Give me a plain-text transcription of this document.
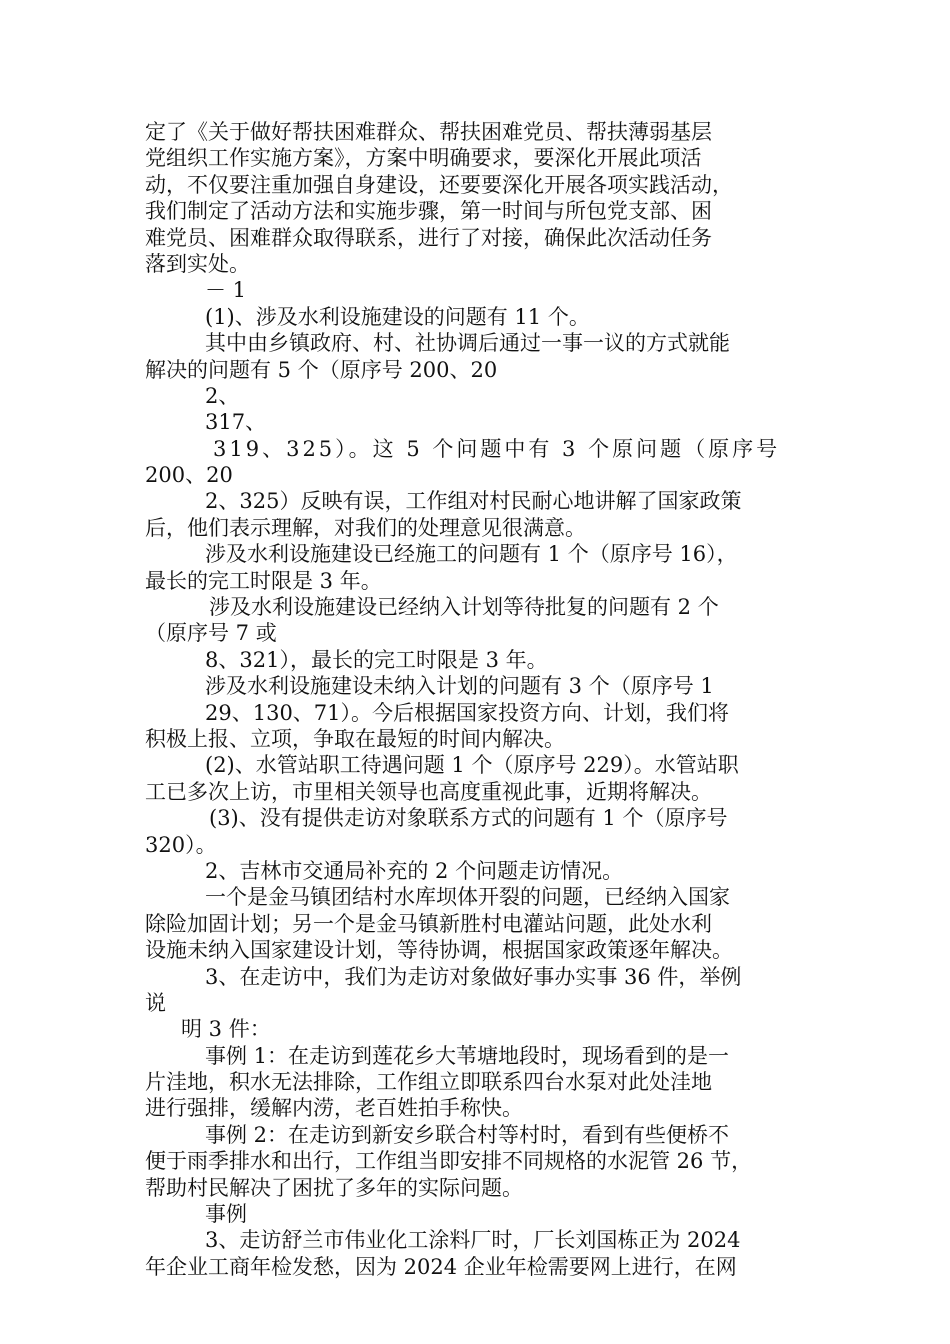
定了《关于做好帮扶困难群众、帮扶困难党员、帮扶薄弱基层
党组织工作实施方案》，方案中明确要求，要深化开展此项活
动，不仅要注重加强自身建设，还要要深化开展各项实践活动，
我们制定了活动方法和实施步骤，第一时间与所包党支部、困
难党员、困难群众取得联系，进行了对接，确保此次活动任务
落到实处。
－ 1
(1)、涉及水利设施建设的问题有 11 个。
其中由乡镇政府、村、社协调后通过一事一议的方式就能
解决的问题有 5 个（原序号 200、20
2、
317、
319、325）。这 5 个问题中有 3 个原问题（原序号
200、20
2、325）反映有误，工作组对村民耐心地讲解了国家政策
后，他们表示理解，对我们的处理意见很满意。
涉及水利设施建设已经施工的问题有 1 个（原序号 16），
最长的完工时限是 3 年。
涉及水利设施建设已经纳入计划等待批复的问题有 2 个
（原序号 7 或
8、321），最长的完工时限是 3 年。
涉及水利设施建设未纳入计划的问题有 3 个（原序号 1
29、130、71）。今后根据国家投资方向、计划，我们将
积极上报、立项，争取在最短的时间内解决。
(2)、水管站职工待遇问题 1 个（原序号 229）。水管站职
工已多次上访，市里相关领导也高度重视此事，近期将解决。
(3)、没有提供走访对象联系方式的问题有 1 个（原序号
320）。
2、吉林市交通局补充的 2 个问题走访情况。
一个是金马镇团结村水库坝体开裂的问题，已经纳入国家
除险加固计划；另一个是金马镇新胜村电灌站问题，此处水利
设施未纳入国家建设计划，等待协调，根据国家政策逐年解决。
3、在走访中，我们为走访对象做好事办实事 36 件，举例
说
明 3 件：
事例 1：在走访到莲花乡大苇塘地段时，现场看到的是一
片洼地，积水无法排除，工作组立即联系四台水泵对此处洼地
进行强排，缓解内涝，老百姓拍手称快。
事例 2：在走访到新安乡联合村等村时，看到有些便桥不
便于雨季排水和出行，工作组当即安排不同规格的水泥管 26 节，
帮助村民解决了困扰了多年的实际问题。
事例
3、走访舒兰市伟业化工涂料厂时，厂长刘国栋正为 2024
年企业工商年检发愁，因为 2024 企业年检需要网上进行，在网
